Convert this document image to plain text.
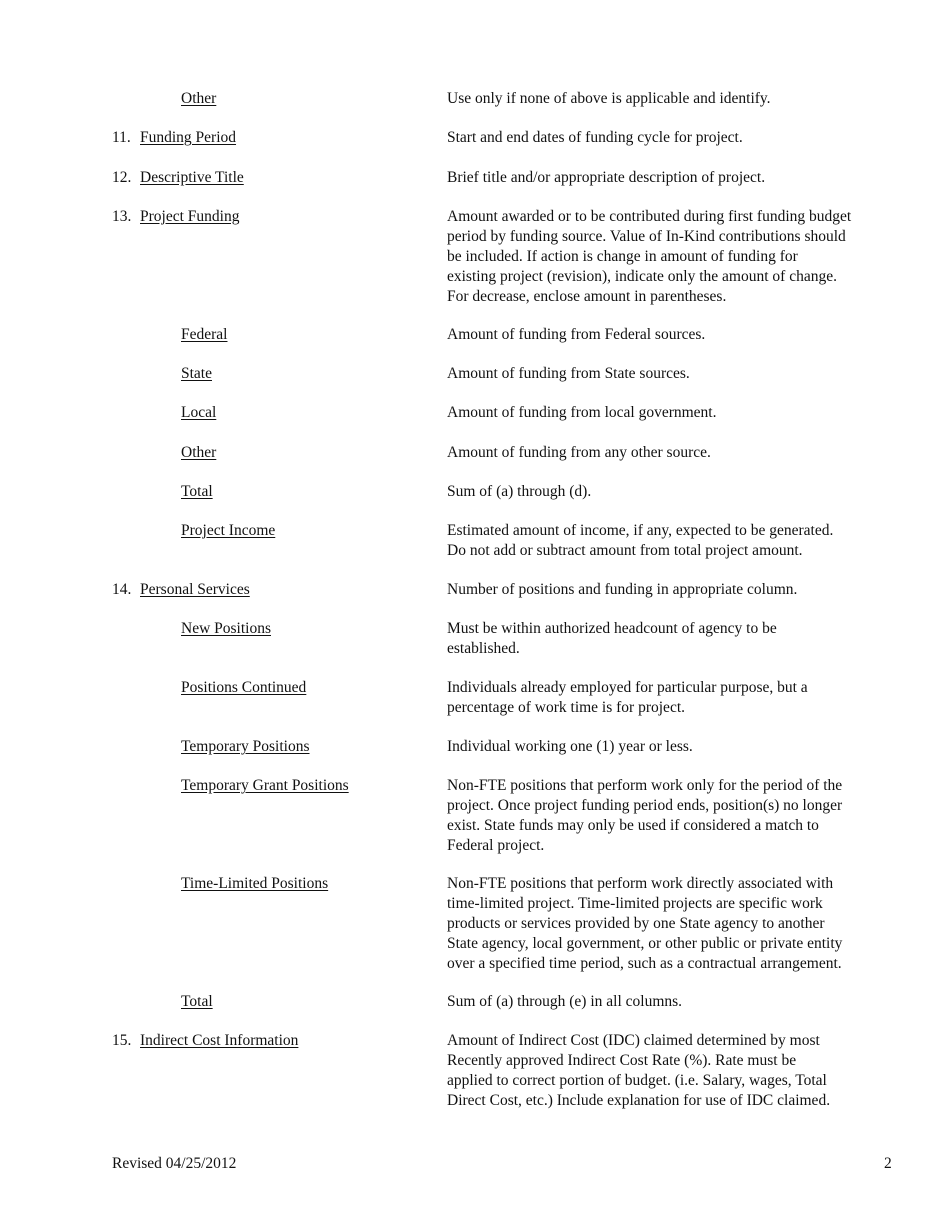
Other	Use only if none of above is applicable and identify.
11. Funding Period	Start and end dates of funding cycle for project.
12. Descriptive Title	Brief title and/or appropriate description of project.
13. Project Funding	Amount awarded or to be contributed during first funding budget
period by funding source. Value of In-Kind contributions should
be included. If action is change in amount of funding for
existing project (revision), indicate only the amount of change.
For decrease, enclose amount in parentheses.
Federal	Amount of funding from Federal sources.
State	Amount of funding from State sources.
Local	Amount of funding from local government.
Other	Amount of funding from any other source.
Total	Sum of (a) through (d).
Project Income	Estimated amount of income, if any, expected to be generated.
Do not add or subtract amount from total project amount.
14. Personal Services	Number of positions and funding in appropriate column.
New Positions	Must be within authorized headcount of agency to be
established.
Positions Continued	Individuals already employed for particular purpose, but a
percentage of work time is for project.
Temporary Positions	Individual working one (1) year or less.
Temporary Grant Positions	Non-FTE positions that perform work only for the period of the
project. Once project funding period ends, position(s) no longer
exist. State funds may only be used if considered a match to
Federal project.
Time-Limited Positions	Non-FTE positions that perform work directly associated with
time-limited project. Time-limited projects are specific work
products or services provided by one State agency to another
State agency, local government, or other public or private entity
over a specified time period, such as a contractual arrangement.
Total	Sum of (a) through (e) in all columns.
15. Indirect Cost Information	Amount of Indirect Cost (IDC) claimed determined by most
Recently approved Indirect Cost Rate (%). Rate must be
applied to correct portion of budget. (i.e. Salary, wages, Total
Direct Cost, etc.) Include explanation for use of IDC claimed.
Revised 04/25/2012	2
